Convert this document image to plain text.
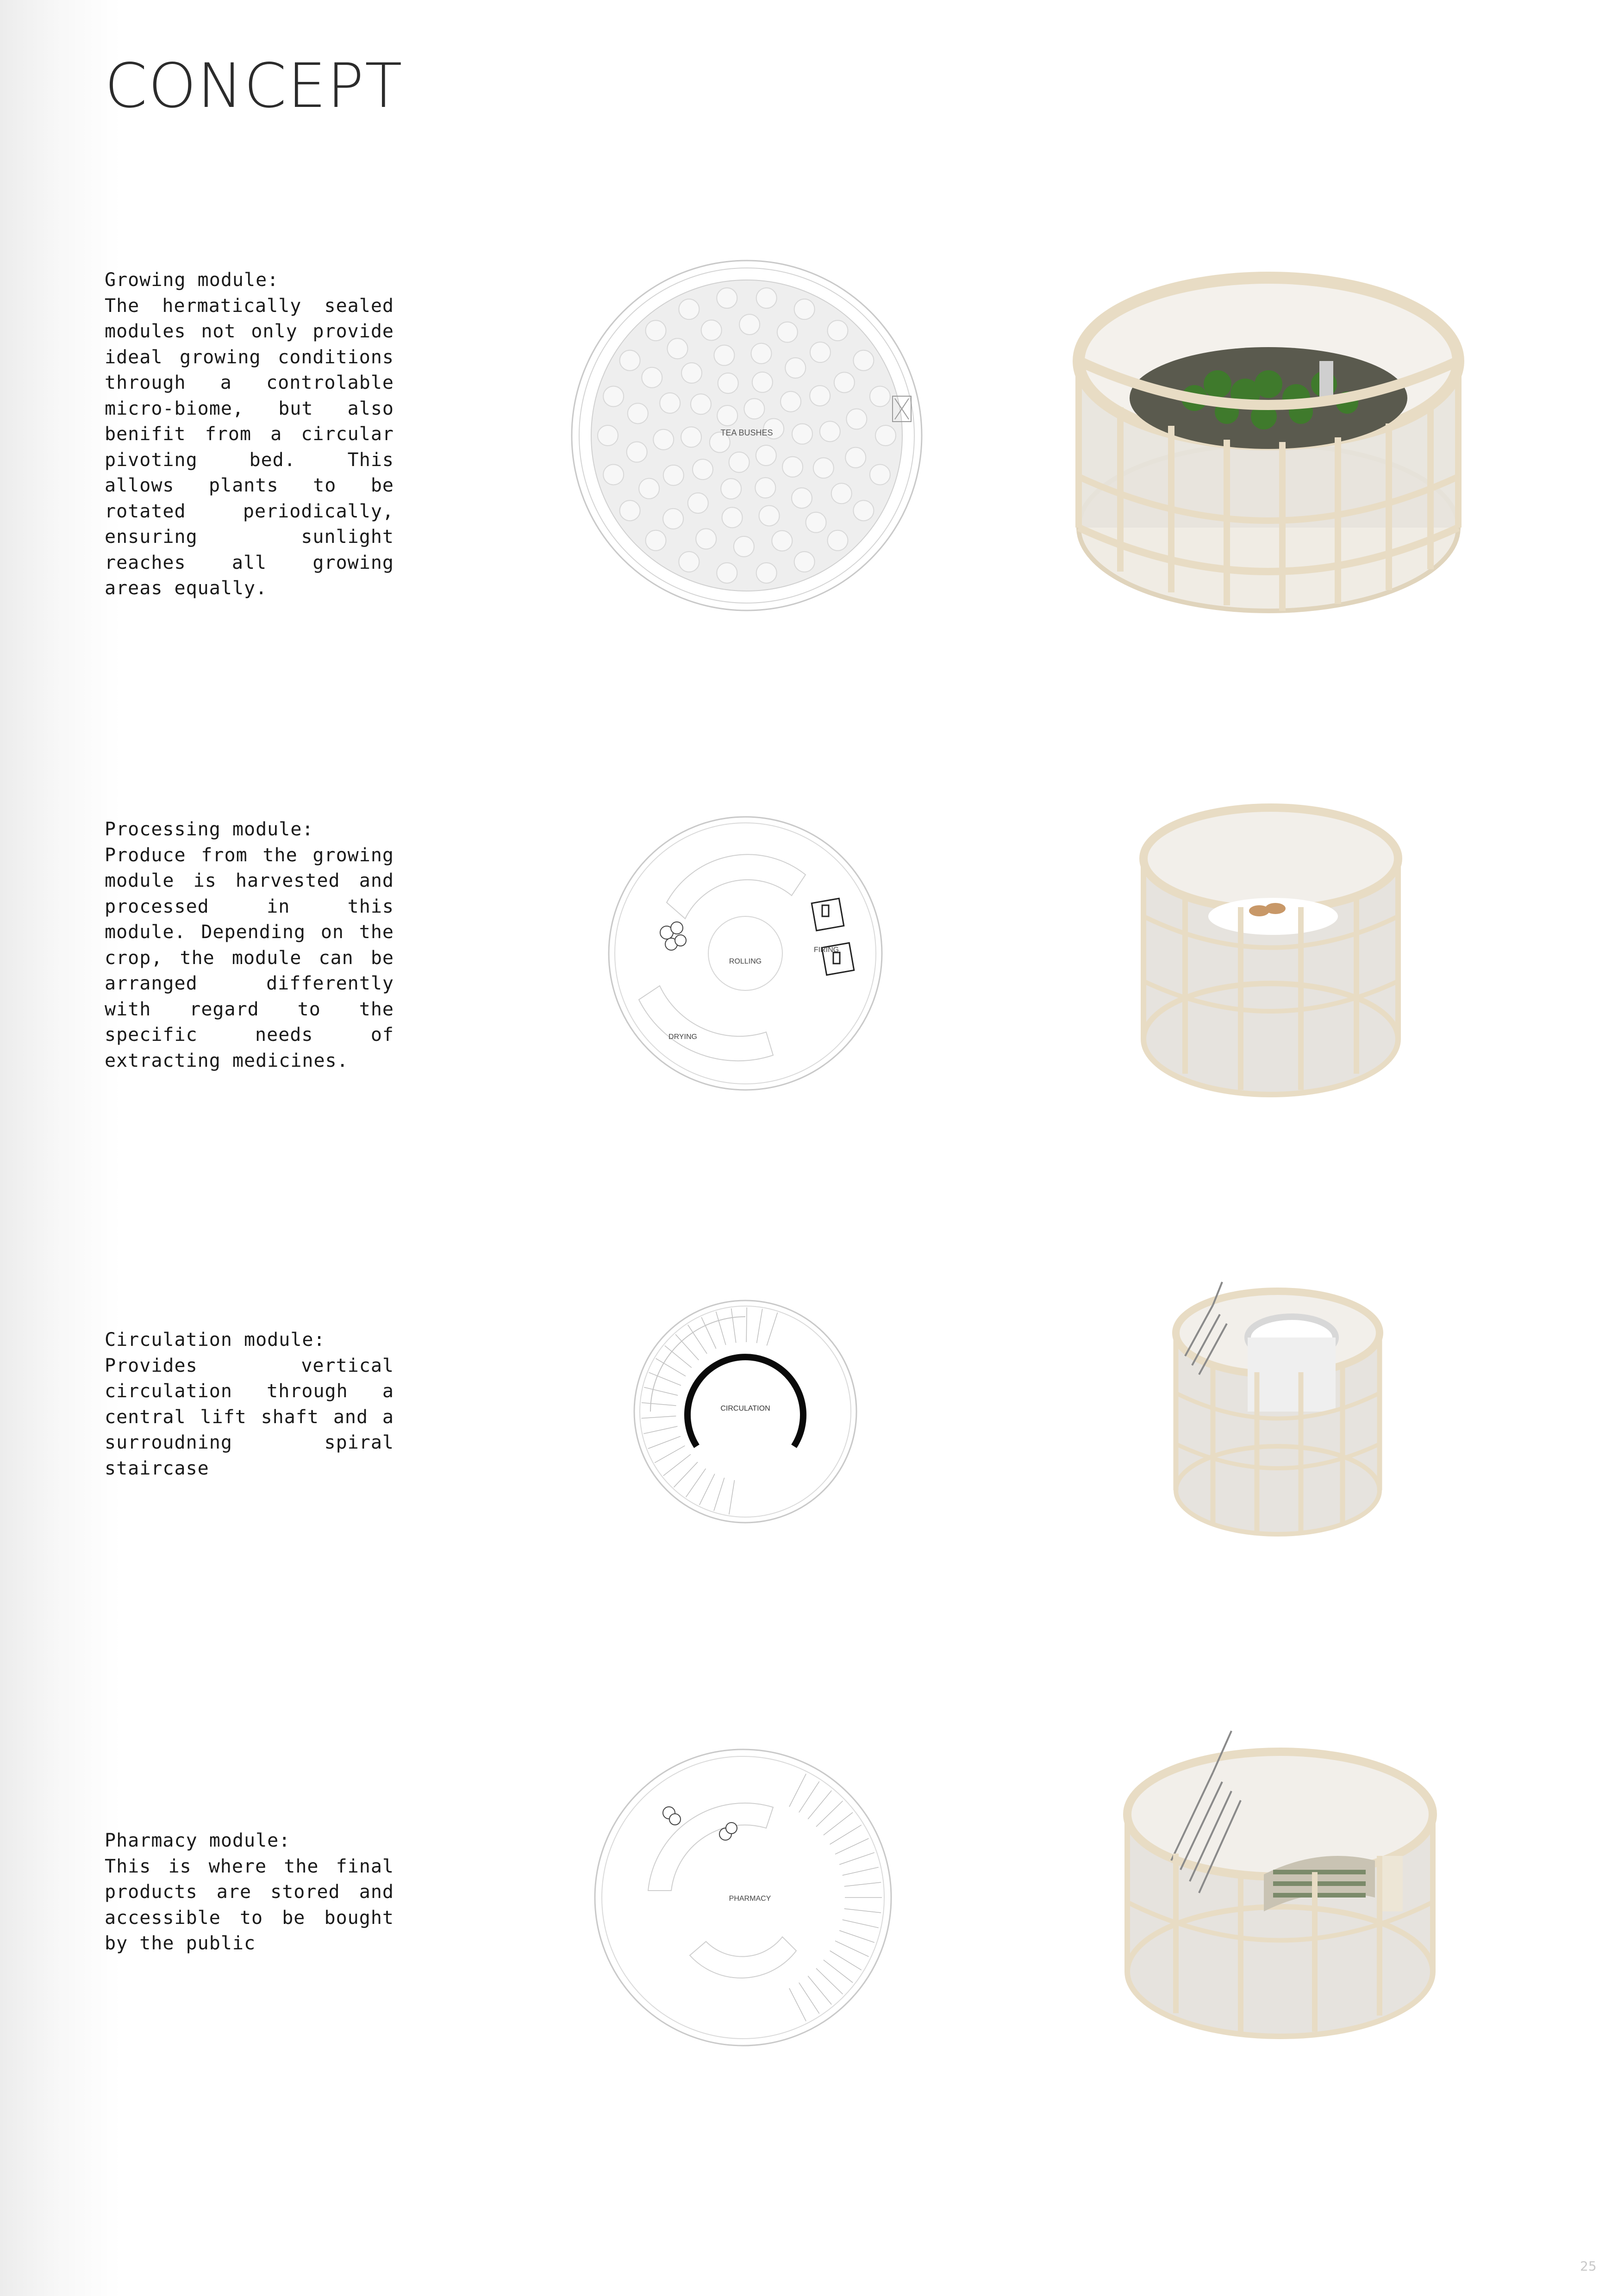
CONCEPT
Growing module:
The hermatically sealed modules not only provide ideal growing conditions through a controlable micro-biome, but also benifit from a circular pivoting bed. This allows plants to be rotated periodically, ensuring sunlight reaches all growing areas equally.
TEA BUSHES
Processing module:
Produce from the growing module is harvested and processed in this module. Depending on the crop, the module can be arranged differently with regard to the specific needs of extracting medicines.
ROLLING
FIRING
DRYING
Circulation module:
Provides vertical circulation through a central lift shaft and a surroudning spiral staircase
CIRCULATION
Pharmacy module:
This is where the final products are stored and accessible to be bought by the public
PHARMACY
25
